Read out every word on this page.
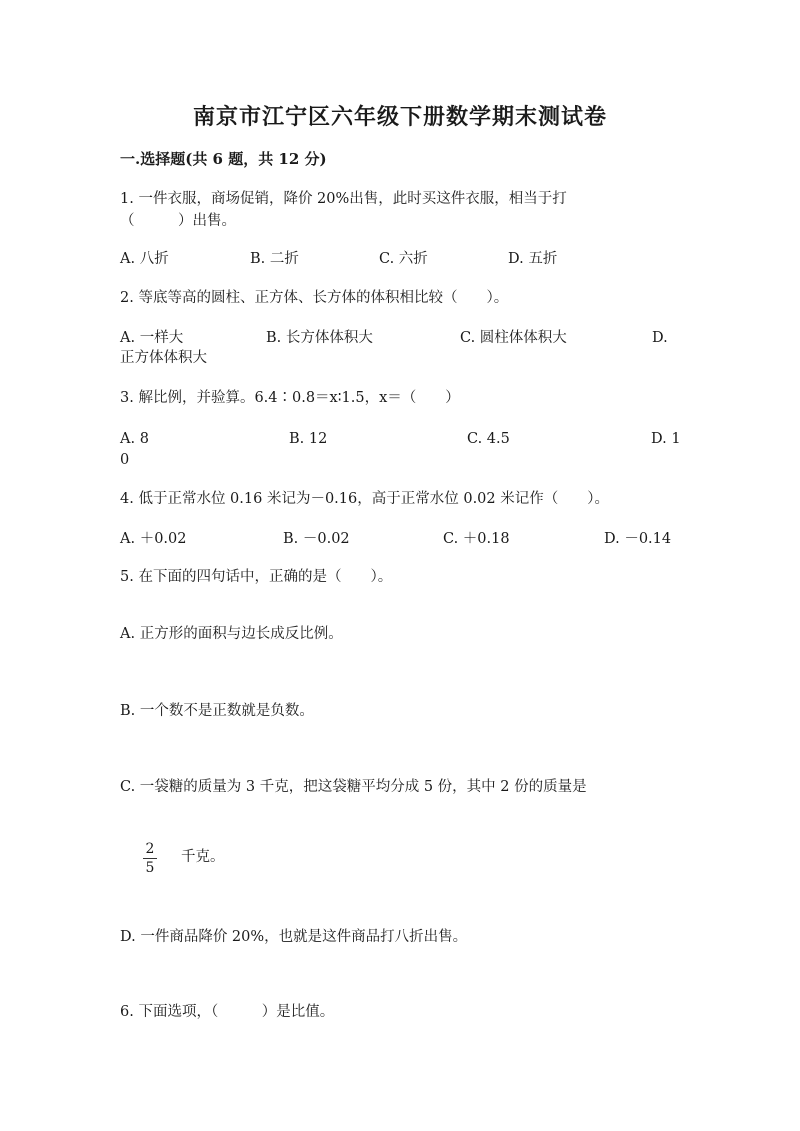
南京市江宁区六年级下册数学期末测试卷
一.选择题(共 6 题，共 12 分)
1. 一件衣服，商场促销，降价 20%出售，此时买这件衣服，相当于打
（　　　）出售。
A. 八折	B. 二折	C. 六折	D. 五折
2. 等底等高的圆柱、正方体、长方体的体积相比较（　　）。
A. 一样大	B. 长方体体积大	C. 圆柱体体积大	D.
正方体体积大
3. 解比例，并验算。6.4∶0.8＝x∶1.5，x＝（　　）
A. 8	B. 12	C. 4.5	D. 1
0
4. 低于正常水位 0.16 米记为－0.16，高于正常水位 0.02 米记作（　　）。
A. ＋0.02	B. －0.02	C. ＋0.18	D. －0.14
5. 在下面的四句话中，正确的是（　　）。
A. 正方形的面积与边长成反比例。
B. 一个数不是正数就是负数。
C. 一袋糖的质量为 3 千克，把这袋糖平均分成 5 份，其中 2 份的质量是
2
5
千克。
D. 一件商品降价 20%，也就是这件商品打八折出售。
6. 下面选项，（　　　）是比值。
